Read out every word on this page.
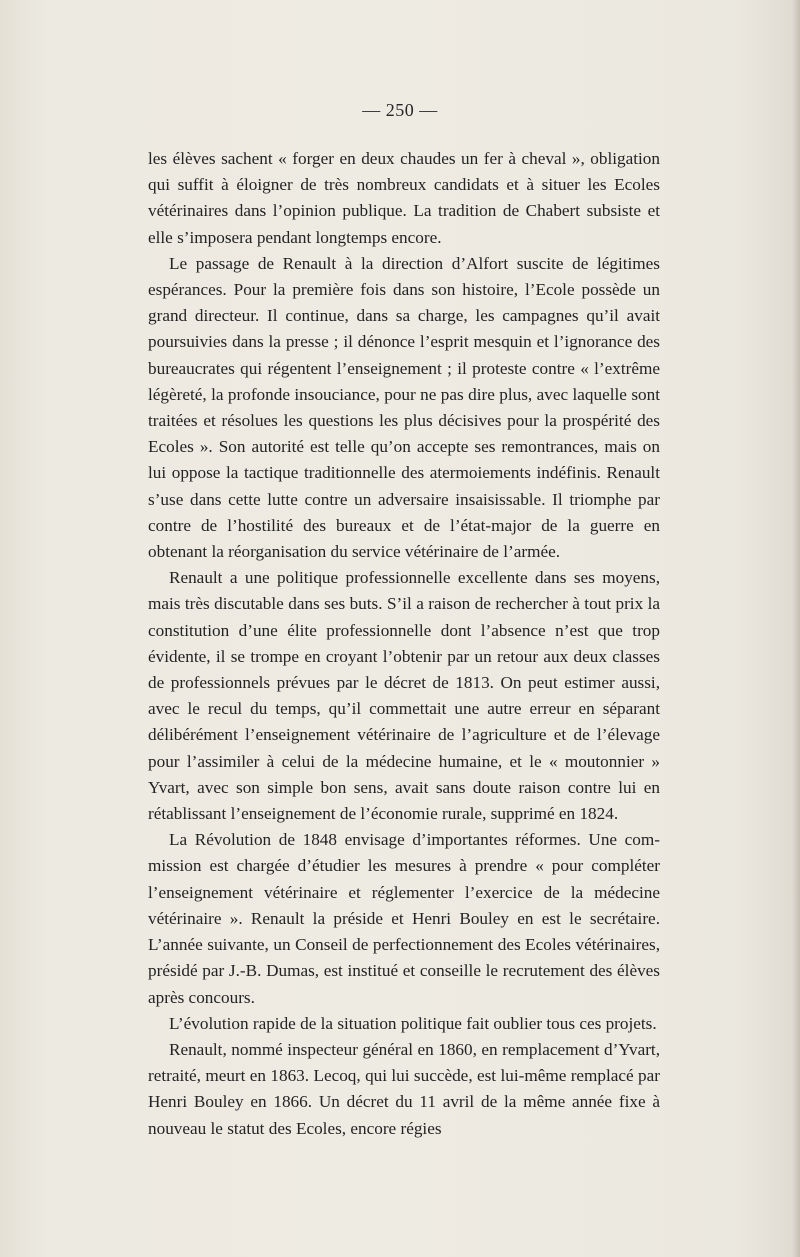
— 250 —

les élèves sachent « forger en deux chaudes un fer à cheval », obligation qui suffit à éloigner de très nombreux candidats et à situer les Ecoles vétérinaires dans l’opinion publique. La tradition de Chabert subsiste et elle s’imposera pendant longtemps encore.

Le passage de Renault à la direction d’Alfort suscite de légitimes espérances. Pour la première fois dans son histoire, l’Ecole possède un grand directeur. Il continue, dans sa charge, les campagnes qu’il avait poursuivies dans la presse ; il dénonce l’esprit mesquin et l’ignorance des bureaucrates qui régentent l’enseignement ; il proteste contre « l’extrême légèreté, la profonde insouciance, pour ne pas dire plus, avec laquelle sont traitées et résolues les questions les plus décisives pour la prospérité des Ecoles ». Son autorité est telle qu’on accepte ses remontrances, mais on lui oppose la tactique traditionnelle des atermoiements indéfinis. Renault s’use dans cette lutte contre un adversaire insaisissable. Il triomphe par contre de l’hostilité des bureaux et de l’état-major de la guerre en obtenant la réorganisation du service vétérinaire de l’armée.

Renault a une politique professionnelle excellente dans ses moyens, mais très discutable dans ses buts. S’il a raison de rechercher à tout prix la constitution d’une élite professionnelle dont l’absence n’est que trop évidente, il se trompe en croyant l’obtenir par un retour aux deux classes de professionnels prévues par le décret de 1813. On peut estimer aussi, avec le recul du temps, qu’il commettait une autre erreur en séparant délibérément l’enseignement vétérinaire de l’agriculture et de l’élevage pour l’assimiler à celui de la médecine humaine, et le « moutonnier » Yvart, avec son simple bon sens, avait sans doute raison contre lui en rétablissant l’enseignement de l’économie rurale, supprimé en 1824.

La Révolution de 1848 envisage d’importantes réformes. Une commission est chargée d’étudier les mesures à prendre « pour compléter l’enseignement vétérinaire et réglementer l’exercice de la médecine vétérinaire ». Renault la préside et Henri Bouley en est le secrétaire. L’année suivante, un Conseil de perfectionnement des Ecoles vétérinaires, présidé par J.-B. Dumas, est institué et conseille le recrutement des élèves après concours.

L’évolution rapide de la situation politique fait oublier tous ces projets.

Renault, nommé inspecteur général en 1860, en remplacement d’Yvart, retraité, meurt en 1863. Lecoq, qui lui succède, est lui-même remplacé par Henri Bouley en 1866. Un décret du 11 avril de la même année fixe à nouveau le statut des Ecoles, encore régies
